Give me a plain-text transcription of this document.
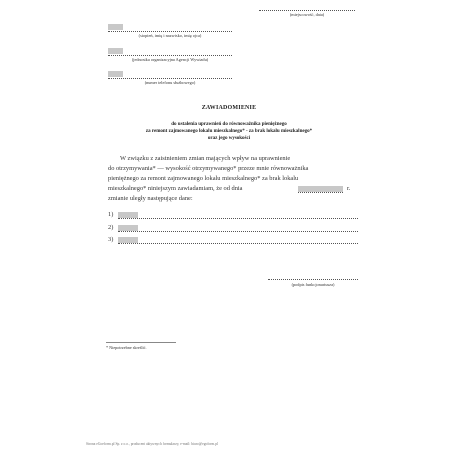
(miejscowość, data)
(stopień, imię i nazwisko, imię ojca)
(jednostka organizacyjna Agencji Wywiadu)
(numer telefonu służbowego)
ZAWIADOMIENIE
do ustalenia uprawnień do równoważnika pieniężnego
za remont zajmowanego lokalu mieszkalnego* - za brak lokalu mieszkalnego*
oraz jego wysokości
W związku z zaistnieniem zmian mających wpływ na uprawnienie
do otrzymywania* — wysokość otrzymywanego* przeze mnie równoważnika
pieniężnego za remont zajmowanego lokalu mieszkalnego* za brak lokalu
mieszkalnego* niniejszym zawiadamiam, że od dnia	r.
zmianie uległy następujące dane:
1)
2)
3)
(podpis funkcjonariusza)
* Niepotrzebne skreślić.
Strona eGoeform.pl Sp. z o.o., producent aktywnych formularzy, e-mail: biuro@egoform.pl
